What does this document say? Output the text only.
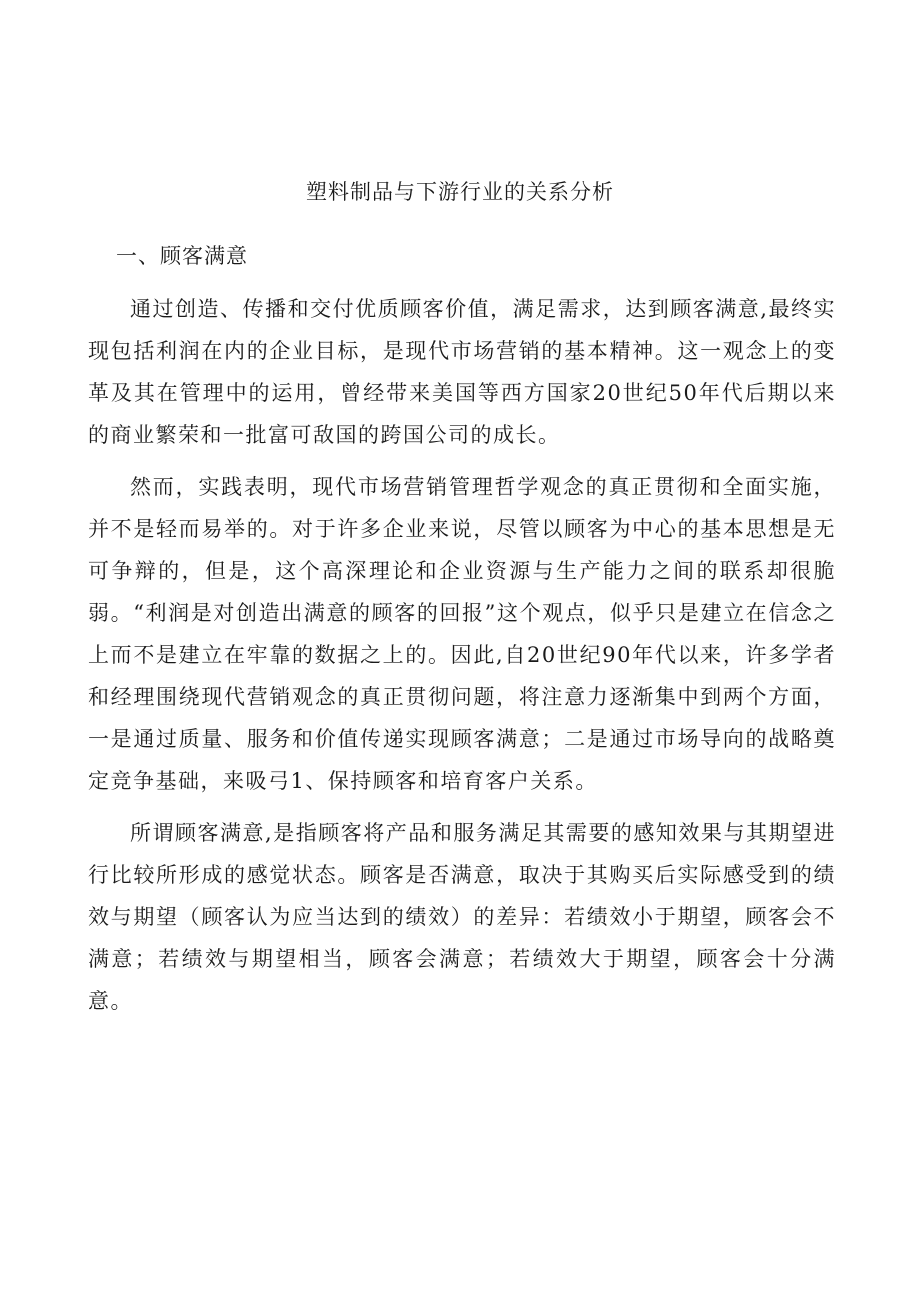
塑料制品与下游行业的关系分析
一、顾客满意

通过创造、传播和交付优质顾客价值，满足需求，达到顾客满意,最终实现包括利润在内的企业目标，是现代市场营销的基本精神。这一观念上的变革及其在管理中的运用，曾经带来美国等西方国家20世纪50年代后期以来的商业繁荣和一批富可敌国的跨国公司的成长。

然而，实践表明，现代市场营销管理哲学观念的真正贯彻和全面实施，并不是轻而易举的。对于许多企业来说，尽管以顾客为中心的基本思想是无可争辩的，但是，这个高深理论和企业资源与生产能力之间的联系却很脆弱。“利润是对创造出满意的顾客的回报”这个观点，似乎只是建立在信念之上而不是建立在牢靠的数据之上的。因此,自20世纪90年代以来，许多学者和经理围绕现代营销观念的真正贯彻问题，将注意力逐渐集中到两个方面，一是通过质量、服务和价值传递实现顾客满意；二是通过市场导向的战略奠定竞争基础，来吸弓1、保持顾客和培育客户关系。

所谓顾客满意,是指顾客将产品和服务满足其需要的感知效果与其期望进行比较所形成的感觉状态。顾客是否满意，取决于其购买后实际感受到的绩效与期望（顾客认为应当达到的绩效）的差异：若绩效小于期望，顾客会不满意；若绩效与期望相当，顾客会满意；若绩效大于期望，顾客会十分满意。
